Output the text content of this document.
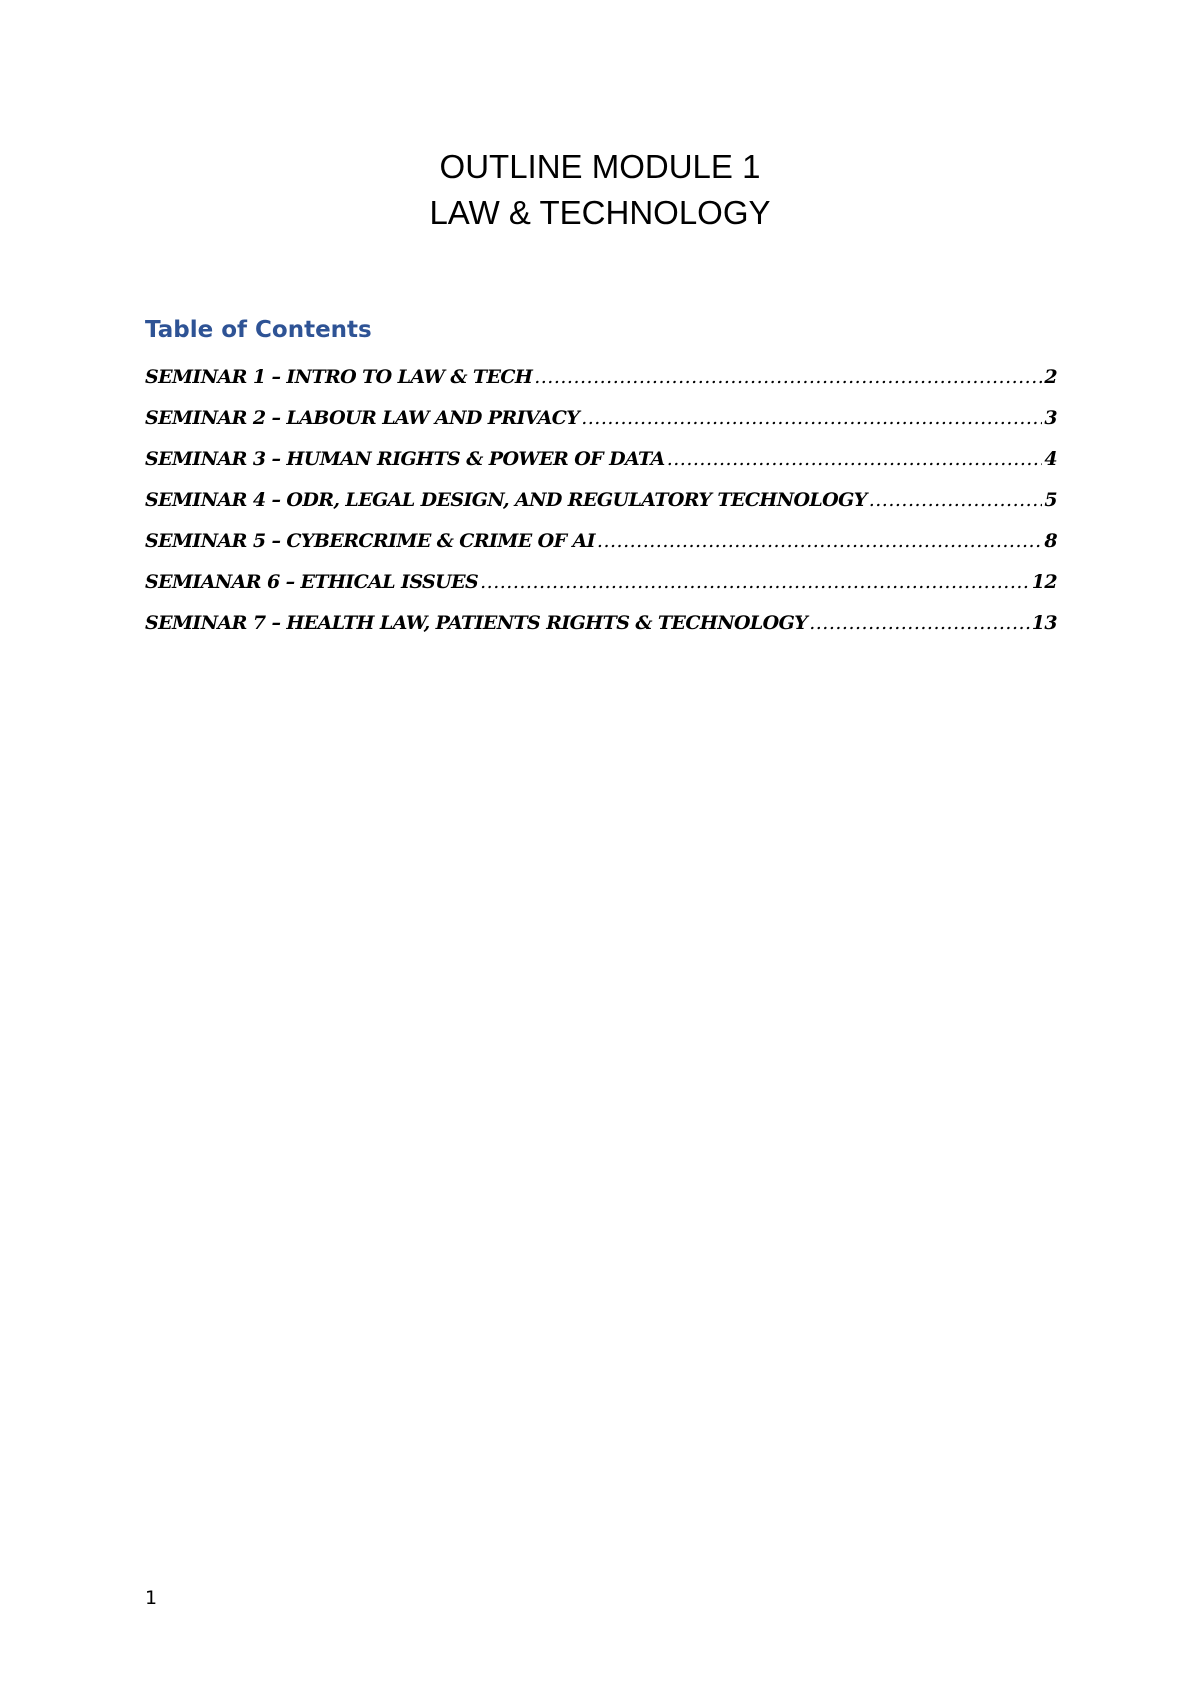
OUTLINE MODULE 1
LAW & TECHNOLOGY
Table of Contents
SEMINAR 1 – INTRO TO LAW & TECH .....	2
SEMINAR 2 – LABOUR LAW AND PRIVACY .....	3
SEMINAR 3 – HUMAN RIGHTS & POWER OF DATA .....	4
SEMINAR 4 – ODR, LEGAL DESIGN, AND REGULATORY TECHNOLOGY .....	5
SEMINAR 5 – CYBERCRIME & CRIME OF AI .....	8
SEMIANAR 6 – ETHICAL ISSUES .....	12
SEMINAR 7 – HEALTH LAW, PATIENTS RIGHTS & TECHNOLOGY .....	13
1
